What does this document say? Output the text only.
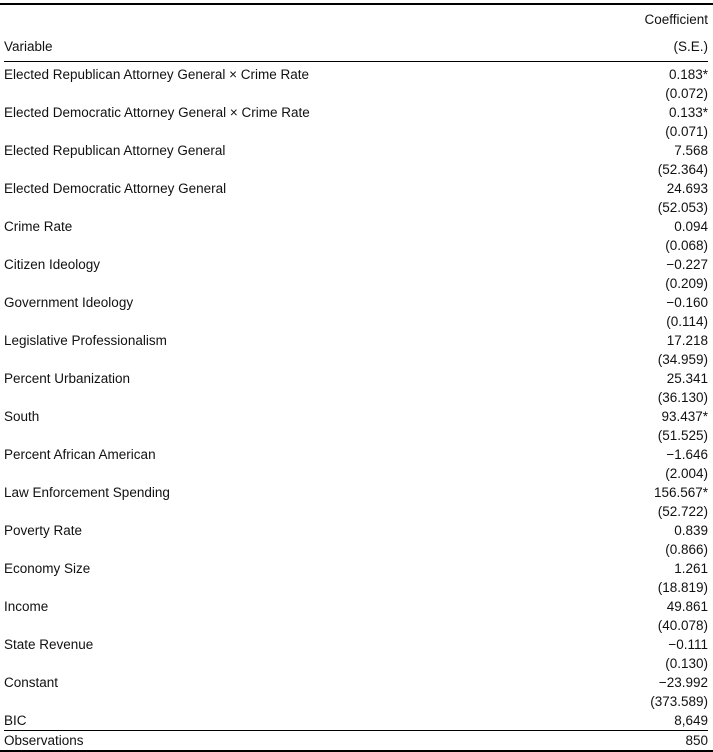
Variable
Coefficient
(S.E.)
Elected Republican Attorney General × Crime Rate	0.183*
(0.072)
Elected Democratic Attorney General × Crime Rate	0.133*
(0.071)
Elected Republican Attorney General	7.568
(52.364)
Elected Democratic Attorney General	24.693
(52.053)
Crime Rate	0.094
(0.068)
Citizen Ideology	−0.227
(0.209)
Government Ideology	−0.160
(0.114)
Legislative Professionalism	17.218
(34.959)
Percent Urbanization	25.341
(36.130)
South	93.437*
(51.525)
Percent African American	−1.646
(2.004)
Law Enforcement Spending	156.567*
(52.722)
Poverty Rate	0.839
(0.866)
Economy Size	1.261
(18.819)
Income	49.861
(40.078)
State Revenue	−0.111
(0.130)
Constant	−23.992
(373.589)
BIC	8,649
Observations	850
